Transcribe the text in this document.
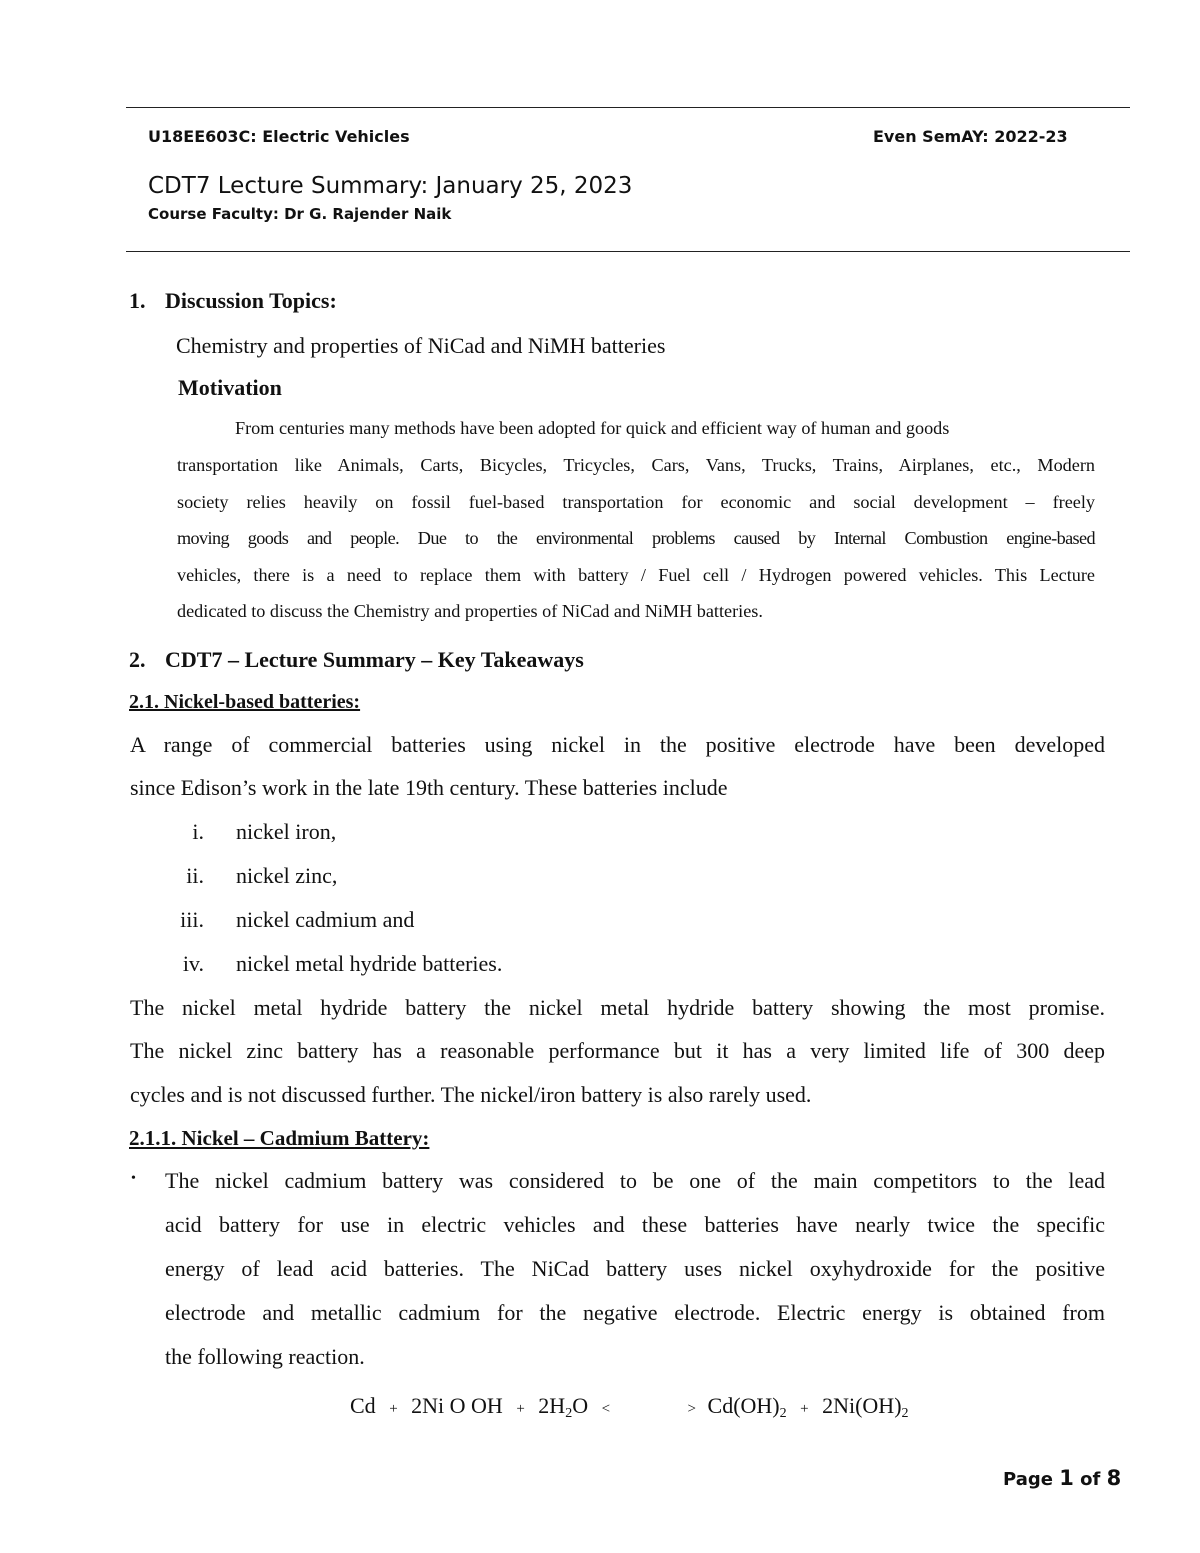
U18EE603C: Electric Vehicles	Even SemAY: 2022-23
CDT7 Lecture Summary: January 25, 2023
Course Faculty: Dr G. Rajender Naik
1. Discussion Topics:
Chemistry and properties of NiCad and NiMH batteries
Motivation
From centuries many methods have been adopted for quick and efficient way of human and goods
transportation like Animals, Carts, Bicycles, Tricycles, Cars, Vans, Trucks, Trains, Airplanes, etc., Modern
society relies heavily on fossil fuel-based transportation for economic and social development – freely
moving goods and people. Due to the environmental problems caused by Internal Combustion engine-based
vehicles, there is a need to replace them with battery / Fuel cell / Hydrogen powered vehicles. This Lecture
dedicated to discuss the Chemistry and properties of NiCad and NiMH batteries.
2. CDT7 – Lecture Summary – Key Takeaways
2.1. Nickel-based batteries:
A range of commercial batteries using nickel in the positive electrode have been developed
since Edison’s work in the late 19th century. These batteries include
i. nickel iron,
ii. nickel zinc,
iii. nickel cadmium and
iv. nickel metal hydride batteries.
The nickel metal hydride battery the nickel metal hydride battery showing the most promise.
The nickel zinc battery has a reasonable performance but it has a very limited life of 300 deep
cycles and is not discussed further. The nickel/iron battery is also rarely used.
2.1.1. Nickel – Cadmium Battery:
• The nickel cadmium battery was considered to be one of the main competitors to the lead
acid battery for use in electric vehicles and these batteries have nearly twice the specific
energy of lead acid batteries. The NiCad battery uses nickel oxyhydroxide for the positive
electrode and metallic cadmium for the negative electrode. Electric energy is obtained from
the following reaction.
Cd + 2Ni O OH + $2H_2O$ <	> $Cd(OH)_2 + 2Ni(OH)_2$
Page 1 of 8
